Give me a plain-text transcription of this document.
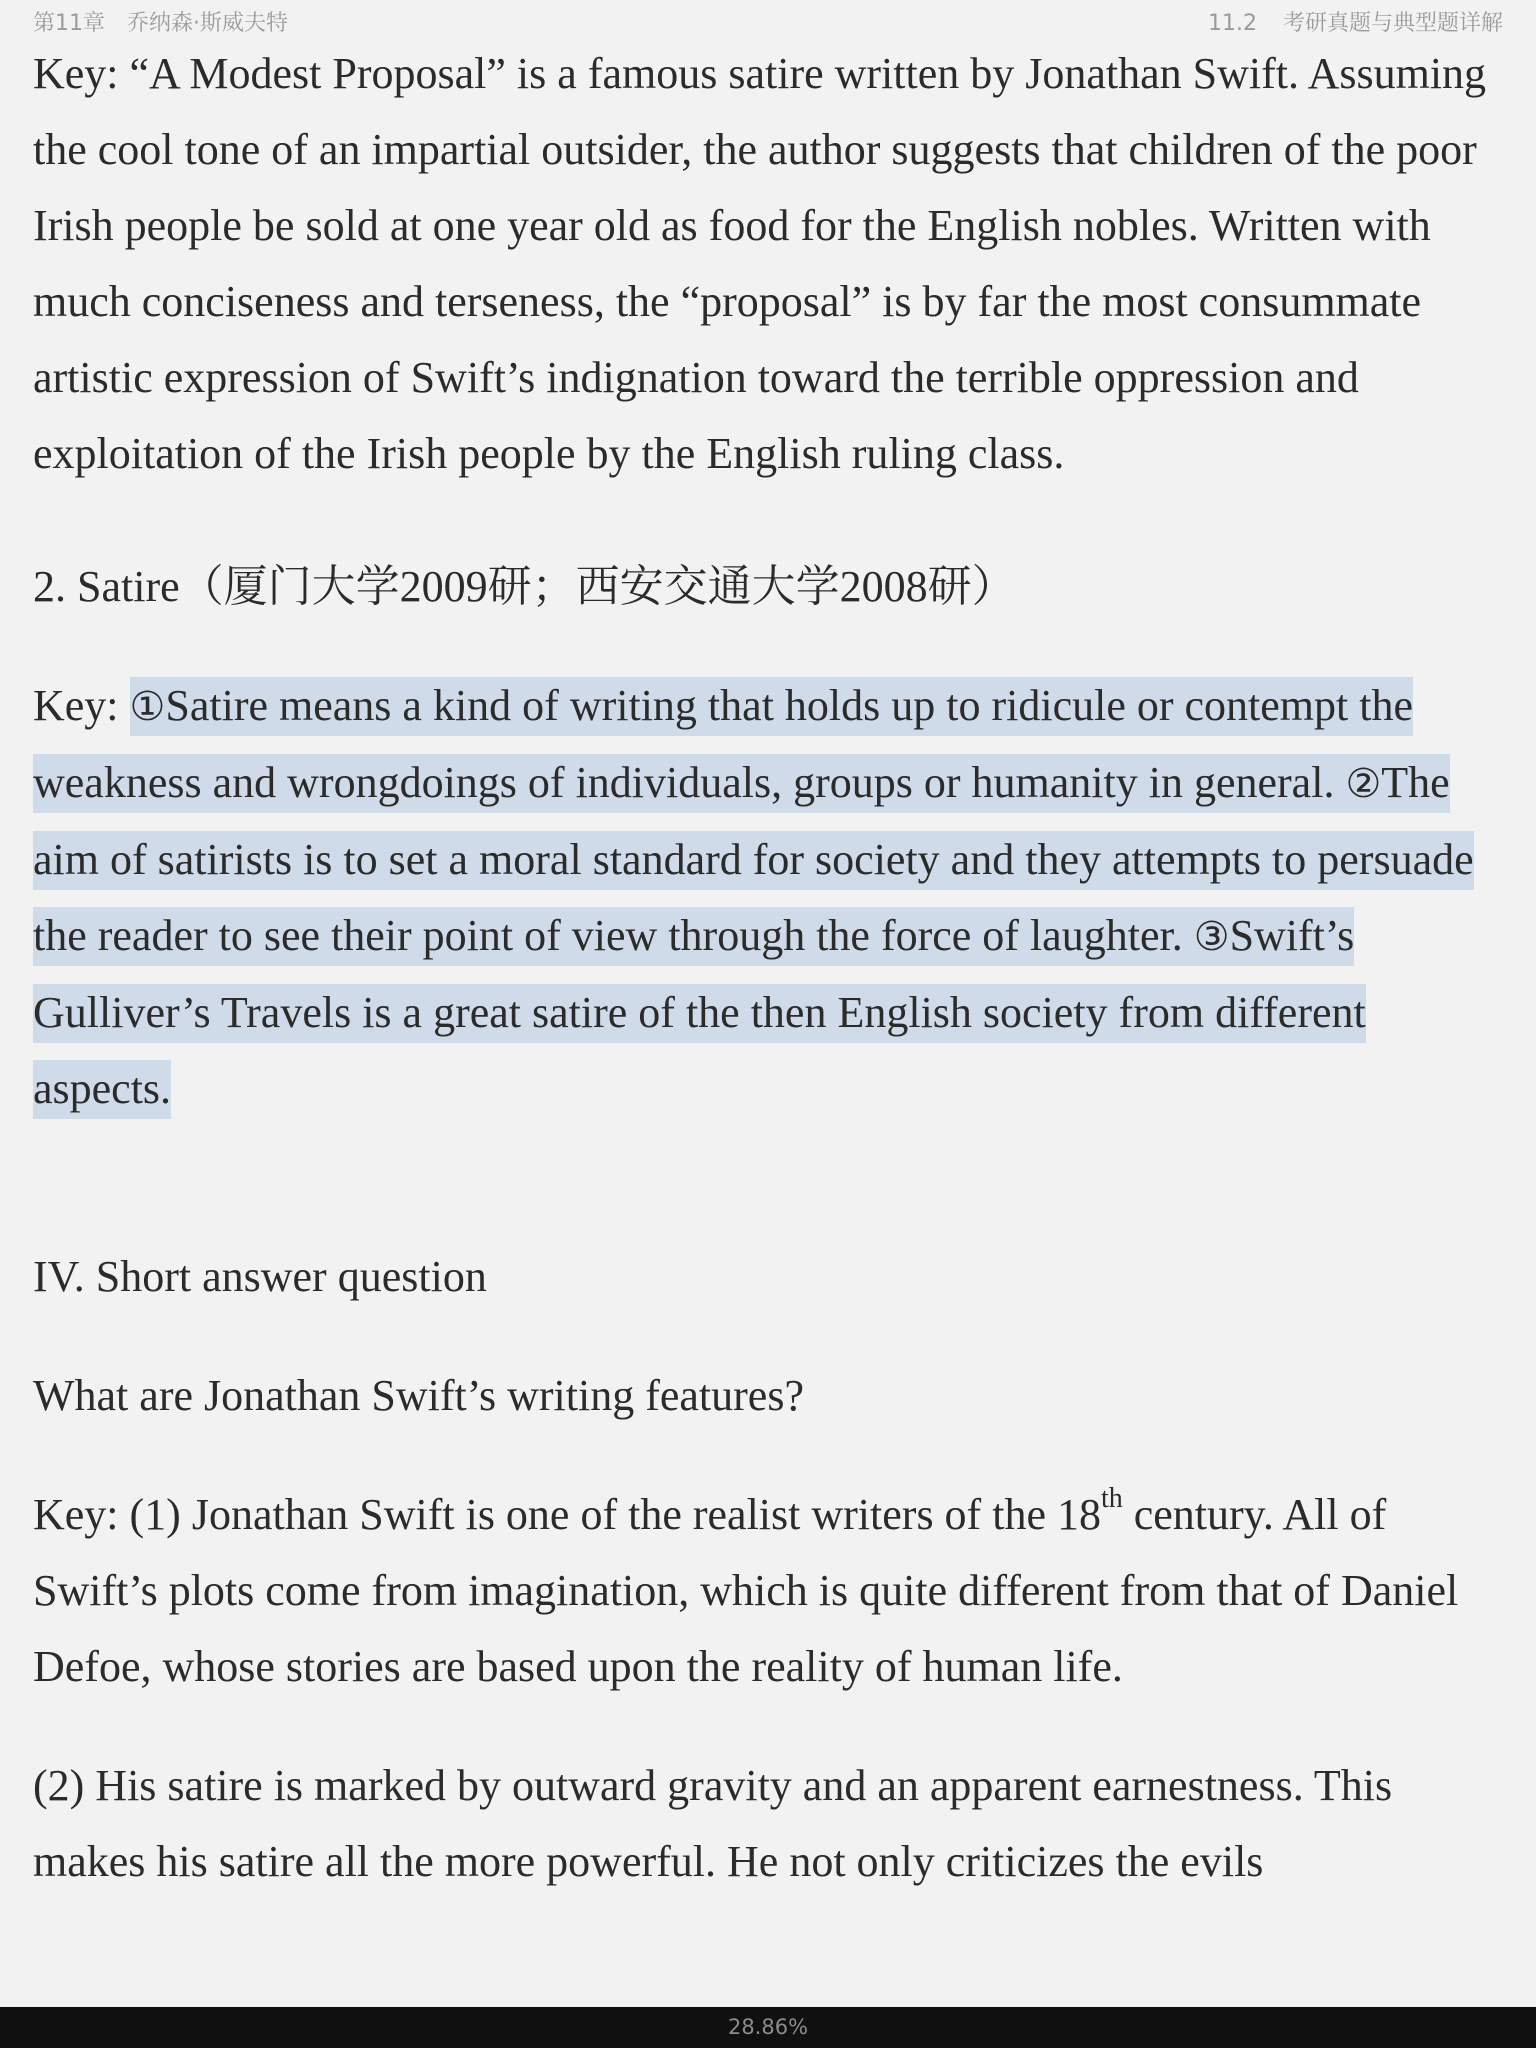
第11章 乔纳森·斯威夫特	11.2 考研真题与典型题详解

Key: “A Modest Proposal” is a famous satire written by Jonathan Swift. Assuming the cool tone of an impartial outsider, the author suggests that children of the poor Irish people be sold at one year old as food for the English nobles. Written with much conciseness and terseness, the “proposal” is by far the most consummate artistic expression of Swift’s indignation toward the terrible oppression and exploitation of the Irish people by the English ruling class.

2. Satire（厦门大学2009研；西安交通大学2008研）

Key: ①Satire means a kind of writing that holds up to ridicule or contempt the weakness and wrongdoings of individuals, groups or humanity in general. ②The aim of satirists is to set a moral standard for society and they attempts to persuade the reader to see their point of view through the force of laughter. ③Swift’s Gulliver’s Travels is a great satire of the then English society from different aspects.

IV. Short answer question

What are Jonathan Swift’s writing features?

Key: (1) Jonathan Swift is one of the realist writers of the 18th century. All of Swift’s plots come from imagination, which is quite different from that of Daniel Defoe, whose stories are based upon the reality of human life.

(2) His satire is marked by outward gravity and an apparent earnestness. This makes his satire all the more powerful. He not only criticizes the evils

28.86%
